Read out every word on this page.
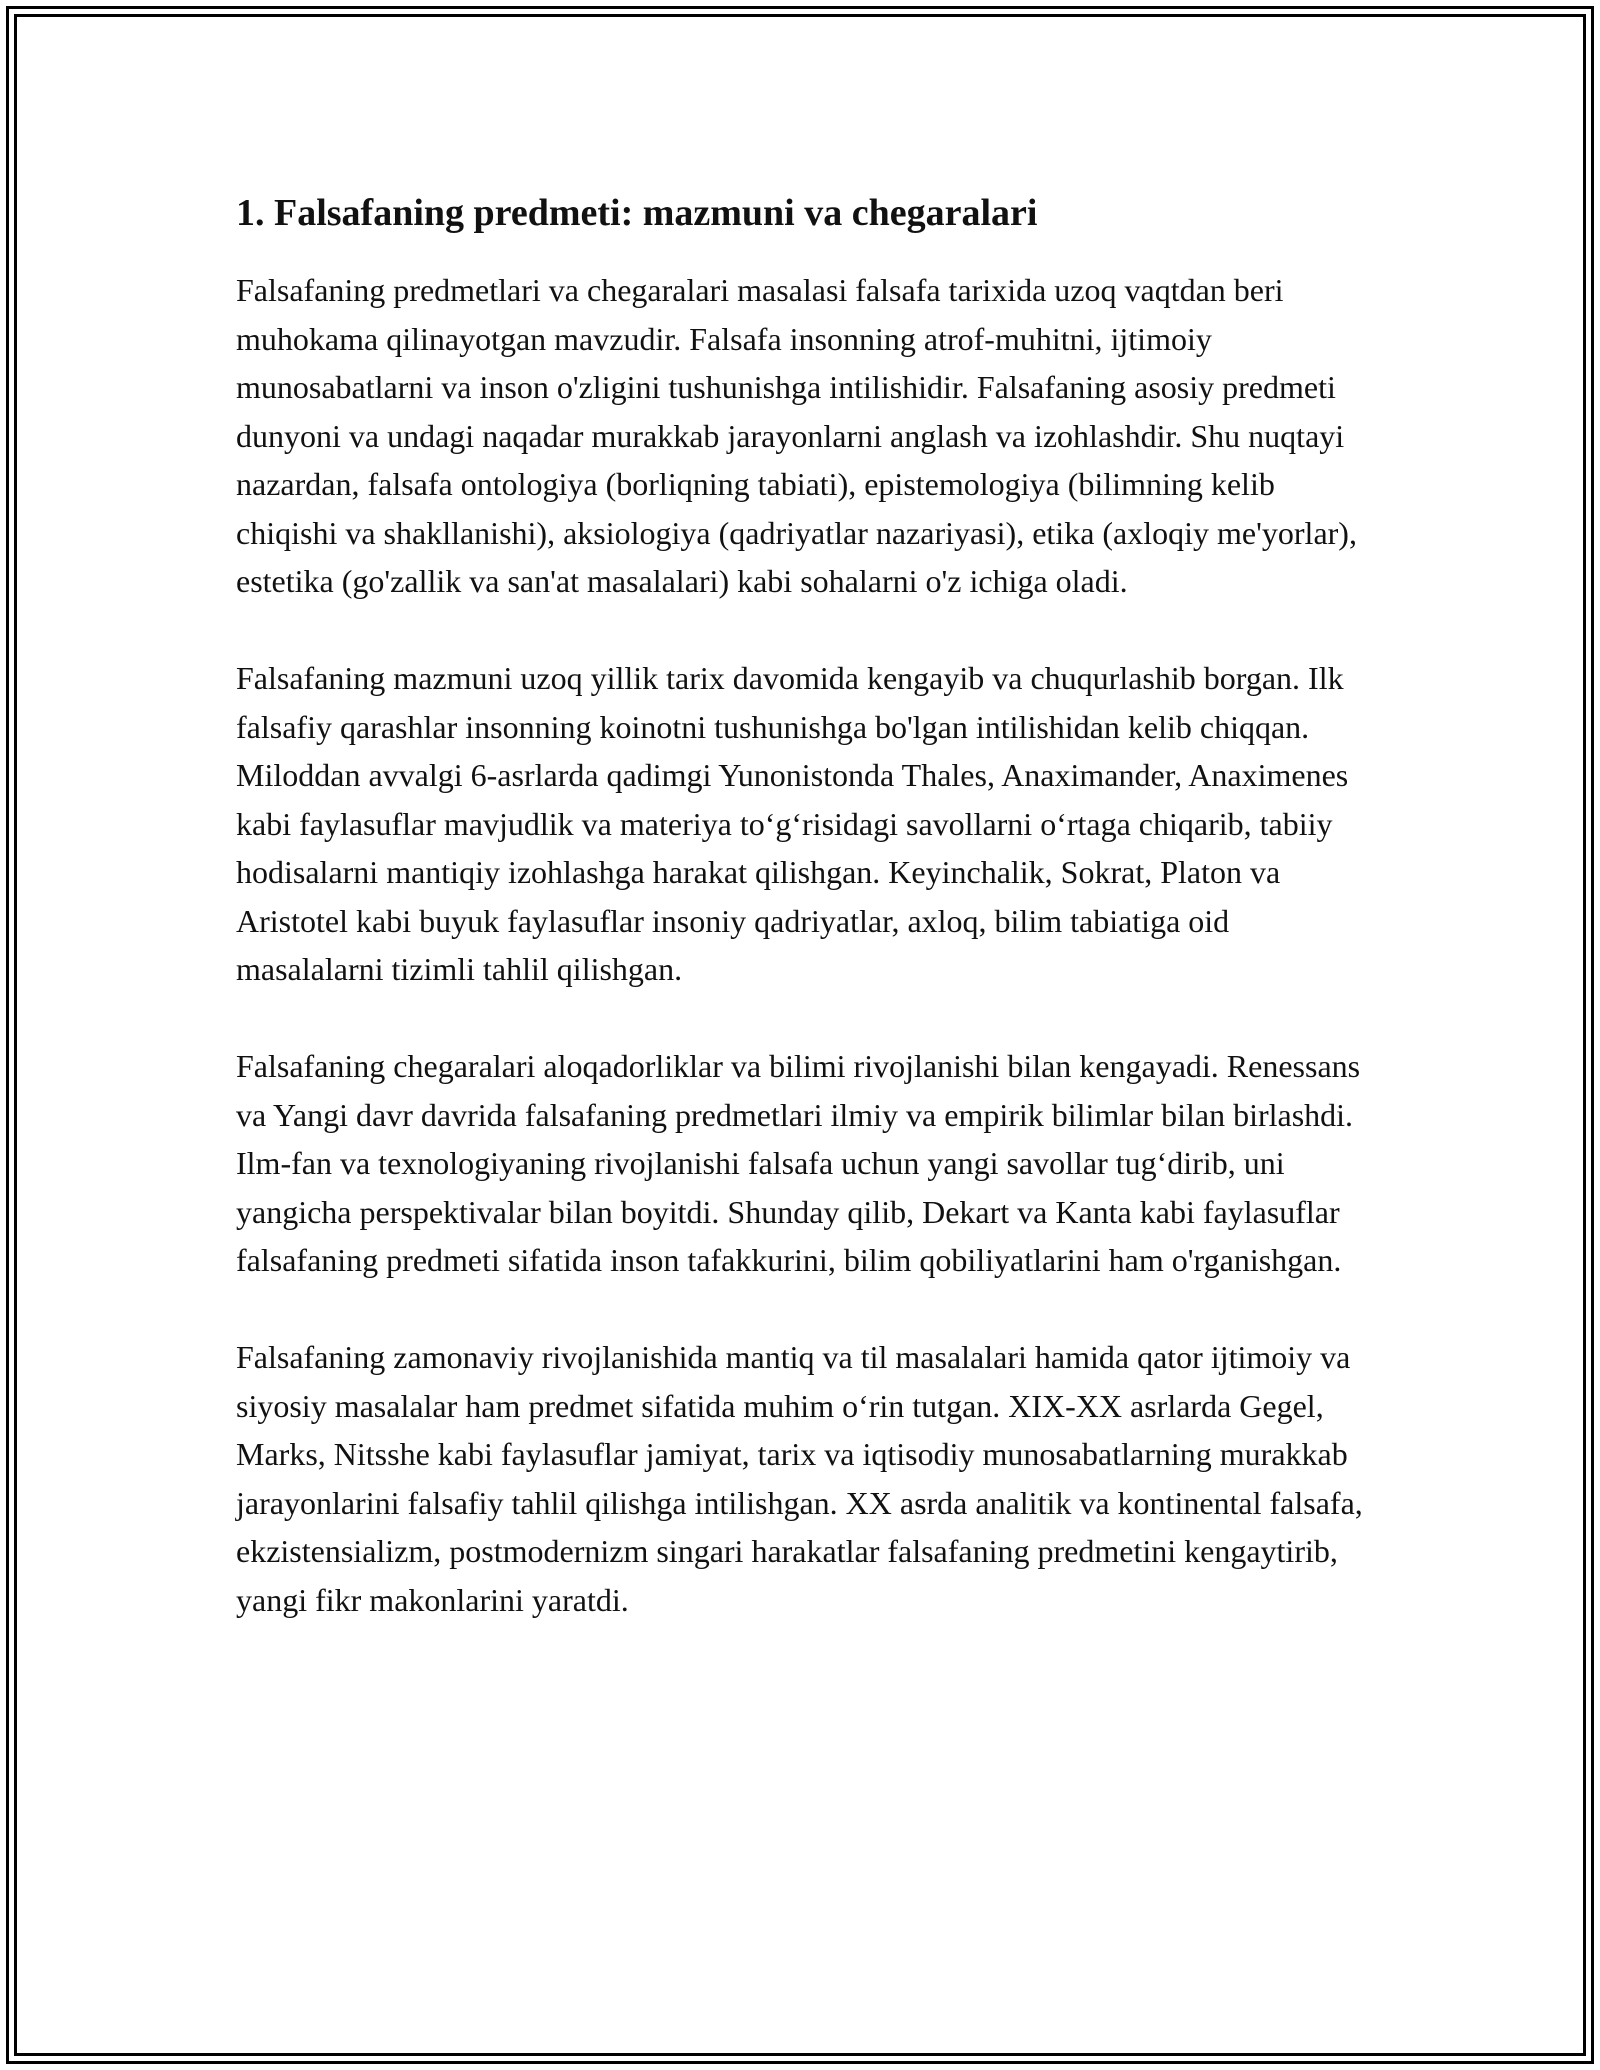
1. Falsafaning predmeti: mazmuni va chegaralari

Falsafaning predmetlari va chegaralari masalasi falsafa tarixida uzoq vaqtdan beri muhokama qilinayotgan mavzudir. Falsafa insonning atrof-muhitni, ijtimoiy munosabatlarni va inson o'zligini tushunishga intilishidir. Falsafaning asosiy predmeti dunyoni va undagi naqadar murakkab jarayonlarni anglash va izohlashdir. Shu nuqtayi nazardan, falsafa ontologiya (borliqning tabiati), epistemologiya (bilimning kelib chiqishi va shakllanishi), aksiologiya (qadriyatlar nazariyasi), etika (axloqiy me'yorlar), estetika (go'zallik va san'at masalalari) kabi sohalarni o'z ichiga oladi.

Falsafaning mazmuni uzoq yillik tarix davomida kengayib va chuqurlashib borgan. Ilk falsafiy qarashlar insonning koinotni tushunishga bo'lgan intilishidan kelib chiqqan. Miloddan avvalgi 6-asrlarda qadimgi Yunonistonda Thales, Anaximander, Anaximenes kabi faylasuflar mavjudlik va materiya to‘g‘risidagi savollarni o‘rtaga chiqarib, tabiiy hodisalarni mantiqiy izohlashga harakat qilishgan. Keyinchalik, Sokrat, Platon va Aristotel kabi buyuk faylasuflar insoniy qadriyatlar, axloq, bilim tabiatiga oid masalalarni tizimli tahlil qilishgan.

Falsafaning chegaralari aloqadorliklar va bilimi rivojlanishi bilan kengayadi. Renessans va Yangi davr davrida falsafaning predmetlari ilmiy va empirik bilimlar bilan birlashdi. Ilm-fan va texnologiyaning rivojlanishi falsafa uchun yangi savollar tug‘dirib, uni yangicha perspektivalar bilan boyitdi. Shunday qilib, Dekart va Kanta kabi faylasuflar falsafaning predmeti sifatida inson tafakkurini, bilim qobiliyatlarini ham o'rganishgan.

Falsafaning zamonaviy rivojlanishida mantiq va til masalalari hamida qator ijtimoiy va siyosiy masalalar ham predmet sifatida muhim o‘rin tutgan. XIX-XX asrlarda Gegel, Marks, Nitsshe kabi faylasuflar jamiyat, tarix va iqtisodiy munosabatlarning murakkab jarayonlarini falsafiy tahlil qilishga intilishgan. XX asrda analitik va kontinental falsafa, ekzistensializm, postmodernizm singari harakatlar falsafaning predmetini kengaytirib, yangi fikr makonlarini yaratdi.
